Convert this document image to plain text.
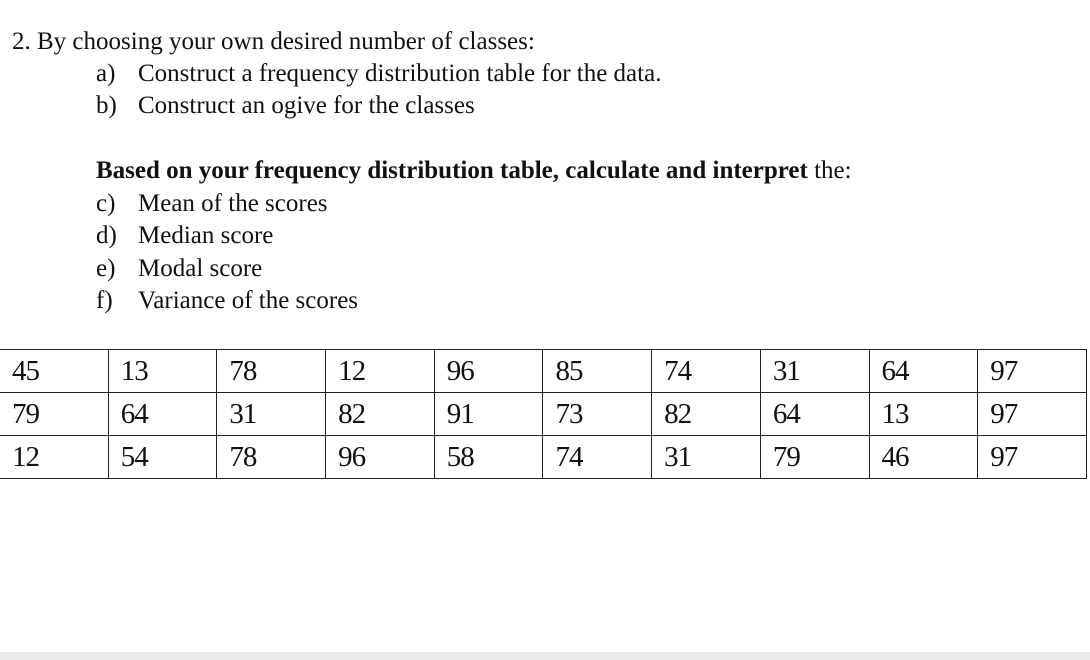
2. By choosing your own desired number of classes:
a) Construct a frequency distribution table for the data.
b) Construct an ogive for the classes
Based on your frequency distribution table, calculate and interpret the:
c) Mean of the scores
d) Median score
e) Modal score
f) Variance of the scores
45	13	78	12	96	85	74	31	64	97
79	64	31	82	91	73	82	64	13	97
12	54	78	96	58	74	31	79	46	97
